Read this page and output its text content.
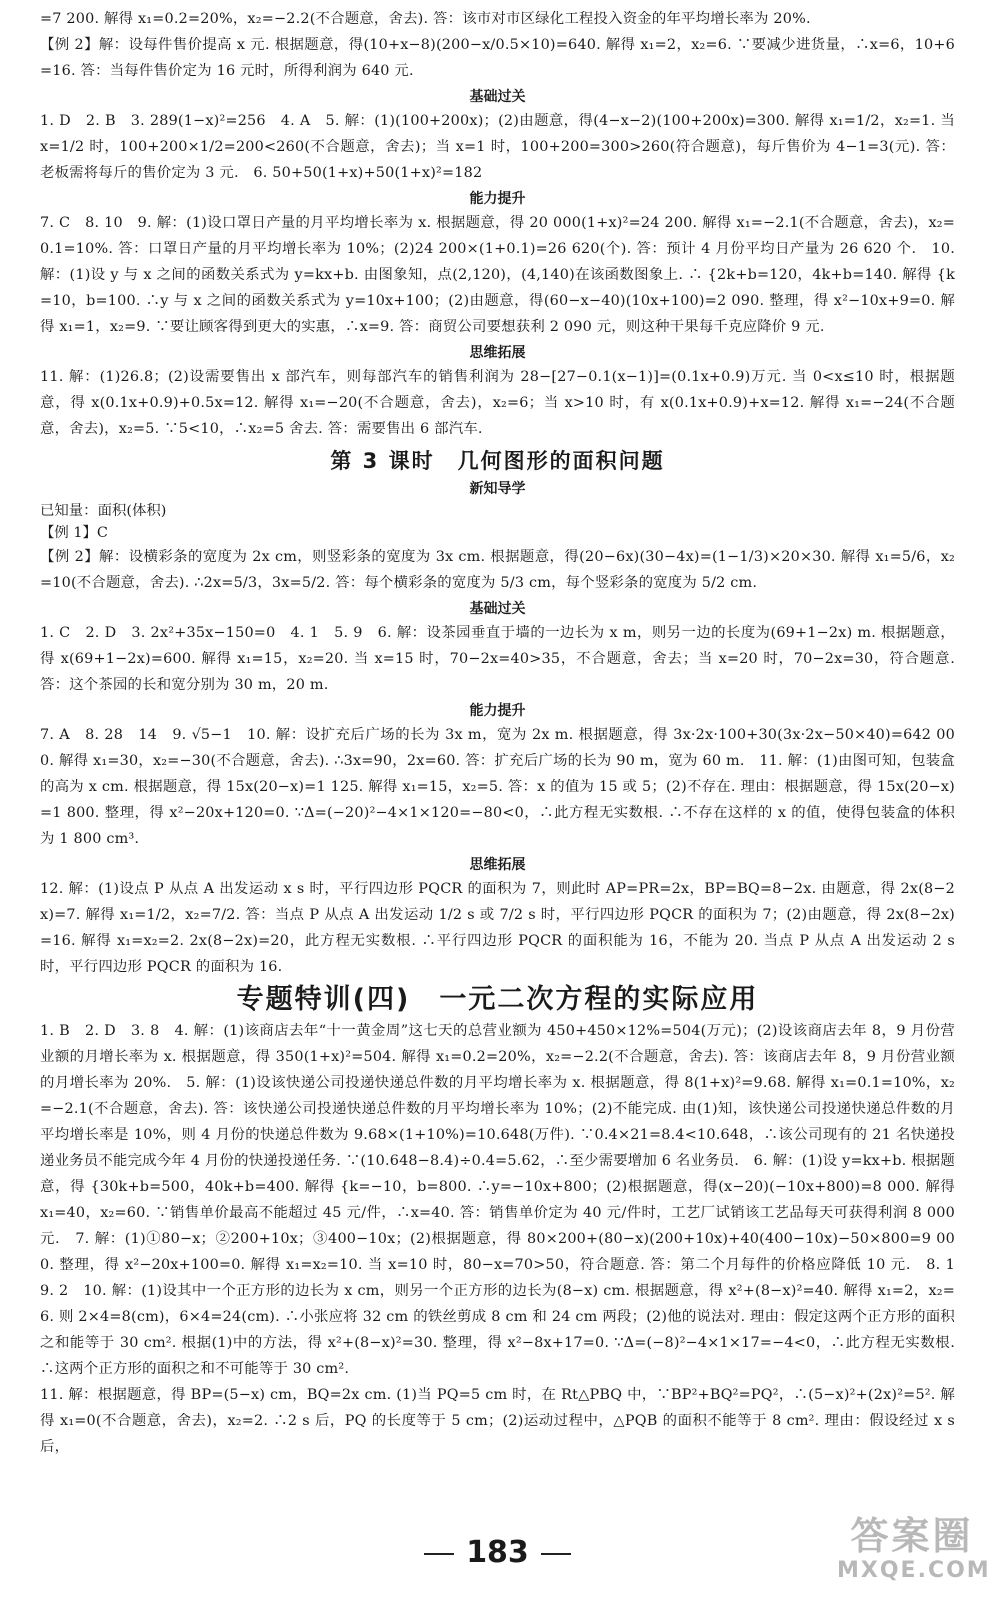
=7 200. 解得 x₁=0.2=20%，x₂=−2.2(不合题意，舍去). 答：该市对市区绿化工程投入资金的年平均增长率为 20%.
【例 2】解：设每件售价提高 x 元. 根据题意，得(10+x−8)(200−x/0.5×10)=640. 解得 x₁=2，x₂=6. ∵要减少进货量，∴x=6，10+6=16. 答：当每件售价定为 16 元时，所得利润为 640 元.
基础过关
1. D　2. B　3. 289(1−x)²=256　4. A　5. 解：(1)(100+200x)；(2)由题意，得(4−x−2)(100+200x)=300. 解得 x₁=1/2，x₂=1. 当 x=1/2 时，100+200×1/2=200<260(不合题意，舍去)；当 x=1 时，100+200=300>260(符合题意)，每斤售价为 4−1=3(元). 答：老板需将每斤的售价定为 3 元.　6. 50+50(1+x)+50(1+x)²=182
能力提升
7. C　8. 10　9. 解：(1)设口罩日产量的月平均增长率为 x. 根据题意，得 20 000(1+x)²=24 200. 解得 x₁=−2.1(不合题意，舍去)，x₂=0.1=10%. 答：口罩日产量的月平均增长率为 10%；(2)24 200×(1+0.1)=26 620(个). 答：预计 4 月份平均日产量为 26 620 个.　10. 解：(1)设 y 与 x 之间的函数关系式为 y=kx+b. 由图象知，点(2,120)，(4,140)在该函数图象上. ∴ {2k+b=120，4k+b=140. 解得 {k=10，b=100. ∴y 与 x 之间的函数关系式为 y=10x+100；(2)由题意，得(60−x−40)(10x+100)=2 090. 整理，得 x²−10x+9=0. 解得 x₁=1，x₂=9. ∵要让顾客得到更大的实惠，∴x=9. 答：商贸公司要想获利 2 090 元，则这种干果每千克应降价 9 元.
思维拓展
11. 解：(1)26.8；(2)设需要售出 x 部汽车，则每部汽车的销售利润为 28−[27−0.1(x−1)]=(0.1x+0.9)万元. 当 0<x≤10 时，根据题意，得 x(0.1x+0.9)+0.5x=12. 解得 x₁=−20(不合题意，舍去)，x₂=6；当 x>10 时，有 x(0.1x+0.9)+x=12. 解得 x₁=−24(不合题意，舍去)，x₂=5. ∵5<10，∴x₂=5 舍去. 答：需要售出 6 部汽车.
第 3 课时　几何图形的面积问题
新知导学
已知量：面积(体积)
【例 1】C
【例 2】解：设横彩条的宽度为 2x cm，则竖彩条的宽度为 3x cm. 根据题意，得(20−6x)(30−4x)=(1−1/3)×20×30. 解得 x₁=5/6，x₂=10(不合题意，舍去). ∴2x=5/3，3x=5/2. 答：每个横彩条的宽度为 5/3 cm，每个竖彩条的宽度为 5/2 cm.
基础过关
1. C　2. D　3. 2x²+35x−150=0　4. 1　5. 9　6. 解：设茶园垂直于墙的一边长为 x m，则另一边的长度为(69+1−2x) m. 根据题意，得 x(69+1−2x)=600. 解得 x₁=15，x₂=20. 当 x=15 时，70−2x=40>35，不合题意，舍去；当 x=20 时，70−2x=30，符合题意. 答：这个茶园的长和宽分别为 30 m，20 m.
能力提升
7. A　8. 28　14　9. √5−1　10. 解：设扩充后广场的长为 3x m，宽为 2x m. 根据题意，得 3x·2x·100+30(3x·2x−50×40)=642 000. 解得 x₁=30，x₂=−30(不合题意，舍去). ∴3x=90，2x=60. 答：扩充后广场的长为 90 m，宽为 60 m.　11. 解：(1)由图可知，包装盒的高为 x cm. 根据题意，得 15x(20−x)=1 125. 解得 x₁=15，x₂=5. 答：x 的值为 15 或 5；(2)不存在. 理由：根据题意，得 15x(20−x)=1 800. 整理，得 x²−20x+120=0. ∵Δ=(−20)²−4×1×120=−80<0，∴此方程无实数根. ∴不存在这样的 x 的值，使得包装盒的体积为 1 800 cm³.
思维拓展
12. 解：(1)设点 P 从点 A 出发运动 x s 时，平行四边形 PQCR 的面积为 7，则此时 AP=PR=2x，BP=BQ=8−2x. 由题意，得 2x(8−2x)=7. 解得 x₁=1/2，x₂=7/2. 答：当点 P 从点 A 出发运动 1/2 s 或 7/2 s 时，平行四边形 PQCR 的面积为 7；(2)由题意，得 2x(8−2x)=16. 解得 x₁=x₂=2. 2x(8−2x)=20，此方程无实数根. ∴平行四边形 PQCR 的面积能为 16，不能为 20. 当点 P 从点 A 出发运动 2 s 时，平行四边形 PQCR 的面积为 16.
专题特训(四)　一元二次方程的实际应用
1. B　2. D　3. 8　4. 解：(1)该商店去年“十一黄金周”这七天的总营业额为 450+450×12%=504(万元)；(2)设该商店去年 8，9 月份营业额的月增长率为 x. 根据题意，得 350(1+x)²=504. 解得 x₁=0.2=20%，x₂=−2.2(不合题意，舍去). 答：该商店去年 8，9 月份营业额的月增长率为 20%.　5. 解：(1)设该快递公司投递快递总件数的月平均增长率为 x. 根据题意，得 8(1+x)²=9.68. 解得 x₁=0.1=10%，x₂=−2.1(不合题意，舍去). 答：该快递公司投递快递总件数的月平均增长率为 10%；(2)不能完成. 由(1)知，该快递公司投递快递总件数的月平均增长率是 10%，则 4 月份的快递总件数为 9.68×(1+10%)=10.648(万件). ∵0.4×21=8.4<10.648，∴该公司现有的 21 名快递投递业务员不能完成今年 4 月份的快递投递任务. ∵(10.648−8.4)÷0.4=5.62，∴至少需要增加 6 名业务员.　6. 解：(1)设 y=kx+b. 根据题意，得 {30k+b=500，40k+b=400. 解得 {k=−10，b=800. ∴y=−10x+800；(2)根据题意，得(x−20)(−10x+800)=8 000. 解得 x₁=40，x₂=60. ∵销售单价最高不能超过 45 元/件，∴x=40. 答：销售单价定为 40 元/件时，工艺厂试销该工艺品每天可获得利润 8 000 元.　7. 解：(1)①80−x；②200+10x；③400−10x；(2)根据题意，得 80×200+(80−x)(200+10x)+40(400−10x)−50×800=9 000. 整理，得 x²−20x+100=0. 解得 x₁=x₂=10. 当 x=10 时，80−x=70>50，符合题意. 答：第二个月每件的价格应降低 10 元.　8. 1　9. 2　10. 解：(1)设其中一个正方形的边长为 x cm，则另一个正方形的边长为(8−x) cm. 根据题意，得 x²+(8−x)²=40. 解得 x₁=2，x₂=6. 则 2×4=8(cm)，6×4=24(cm). ∴小张应将 32 cm 的铁丝剪成 8 cm 和 24 cm 两段；(2)他的说法对. 理由：假定这两个正方形的面积之和能等于 30 cm². 根据(1)中的方法，得 x²+(8−x)²=30. 整理，得 x²−8x+17=0. ∵Δ=(−8)²−4×1×17=−4<0，∴此方程无实数根. ∴这两个正方形的面积之和不可能等于 30 cm².
11. 解：根据题意，得 BP=(5−x) cm，BQ=2x cm. (1)当 PQ=5 cm 时，在 Rt△PBQ 中，∵BP²+BQ²=PQ²，∴(5−x)²+(2x)²=5². 解得 x₁=0(不合题意，舍去)，x₂=2. ∴2 s 后，PQ 的长度等于 5 cm；(2)运动过程中，△PQB 的面积不能等于 8 cm². 理由：假设经过 x s 后，
183	答案圈
MXQE.COM
